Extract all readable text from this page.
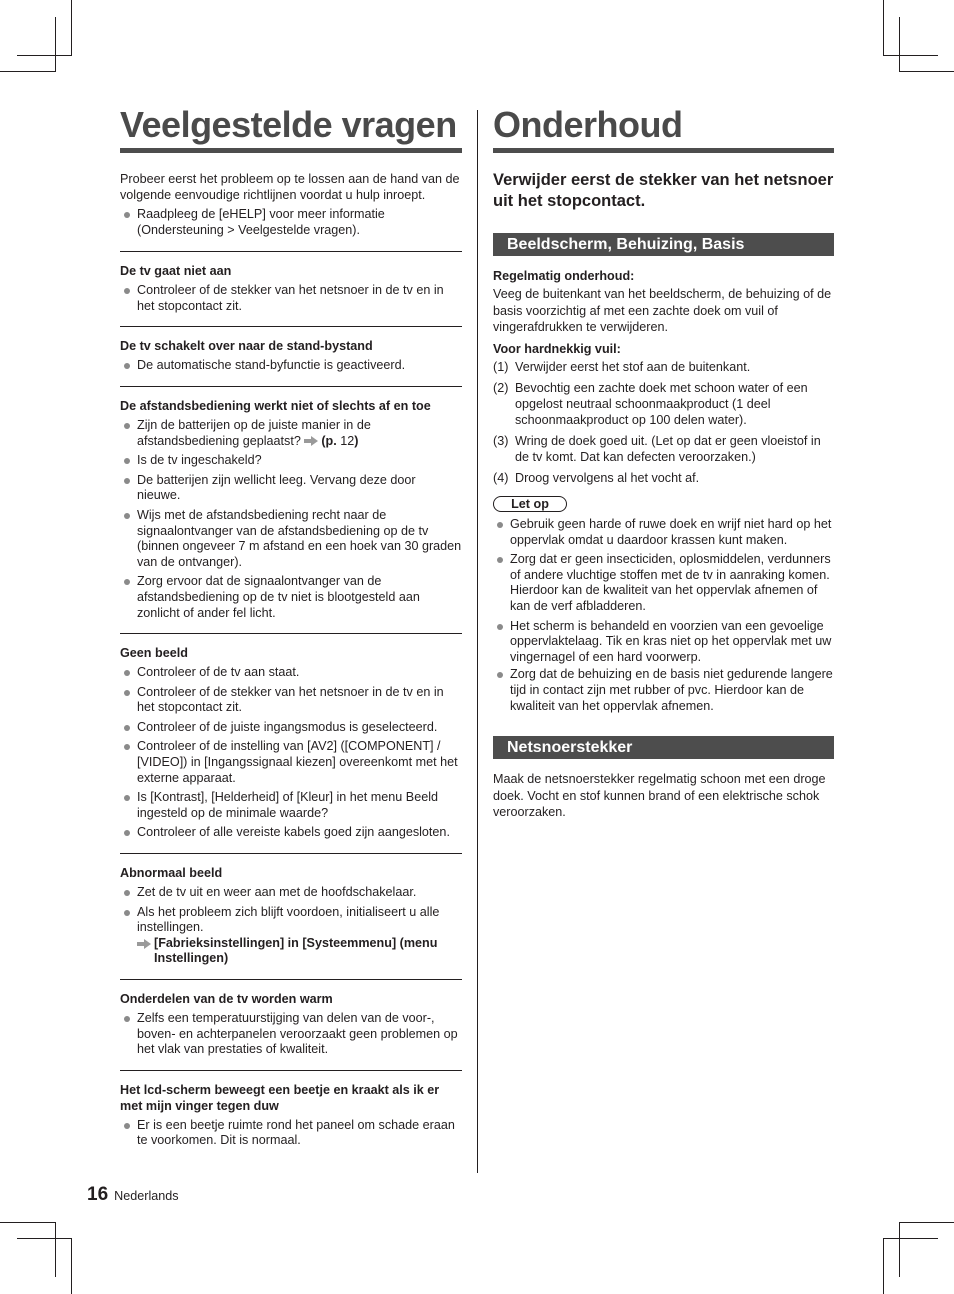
Veelgestelde vragen
Probeer eerst het probleem op te lossen aan de hand van de volgende eenvoudige richtlijnen voordat u hulp inroept.
Raadpleeg de [eHELP] voor meer informatie (Ondersteuning > Veelgestelde vragen).
De tv gaat niet aan
Controleer of de stekker van het netsnoer in de tv en in het stopcontact zit.
De tv schakelt over naar de stand-bystand
De automatische stand-byfunctie is geactiveerd.
De afstandsbediening werkt niet of slechts af en toe
Zijn de batterijen op de juiste manier in de afstandsbediening geplaatst? (p. 12)
Is de tv ingeschakeld?
De batterijen zijn wellicht leeg. Vervang deze door nieuwe.
Wijs met de afstandsbediening recht naar de signaalontvanger van de afstandsbediening op de tv (binnen ongeveer 7 m afstand en een hoek van 30 graden van de ontvanger).
Zorg ervoor dat de signaalontvanger van de afstandsbediening op de tv niet is blootgesteld aan zonlicht of ander fel licht.
Geen beeld
Controleer of de tv aan staat.
Controleer of de stekker van het netsnoer in de tv en in het stopcontact zit.
Controleer of de juiste ingangsmodus is geselecteerd.
Controleer of de instelling van [AV2] ([COMPONENT] / [VIDEO]) in [Ingangssignaal kiezen] overeenkomt met het externe apparaat.
Is [Kontrast], [Helderheid] of [Kleur] in het menu Beeld ingesteld op de minimale waarde?
Controleer of alle vereiste kabels goed zijn aangesloten.
Abnormaal beeld
Zet de tv uit en weer aan met de hoofdschakelaar.
Als het probleem zich blijft voordoen, initialiseert u alle instellingen.
[Fabrieksinstellingen] in [Systeemmenu] (menu Instellingen)
Onderdelen van de tv worden warm
Zelfs een temperatuurstijging van delen van de voor-, boven- en achterpanelen veroorzaakt geen problemen op het vlak van prestaties of kwaliteit.
Het lcd-scherm beweegt een beetje en kraakt als ik er met mijn vinger tegen duw
Er is een beetje ruimte rond het paneel om schade eraan te voorkomen. Dit is normaal.
Onderhoud
Verwijder eerst de stekker van het netsnoer uit het stopcontact.
Beeldscherm, Behuizing, Basis
Regelmatig onderhoud:
Veeg de buitenkant van het beeldscherm, de behuizing of de basis voorzichtig af met een zachte doek om vuil of vingerafdrukken te verwijderen.
Voor hardnekkig vuil:
(1) Verwijder eerst het stof aan de buitenkant.
(2) Bevochtig een zachte doek met schoon water of een opgelost neutraal schoonmaakproduct (1 deel schoonmaakproduct op 100 delen water).
(3) Wring de doek goed uit. (Let op dat er geen vloeistof in de tv komt. Dat kan defecten veroorzaken.)
(4) Droog vervolgens al het vocht af.
Let op
Gebruik geen harde of ruwe doek en wrijf niet hard op het oppervlak omdat u daardoor krassen kunt maken.
Zorg dat er geen insecticiden, oplosmiddelen, verdunners of andere vluchtige stoffen met de tv in aanraking komen. Hierdoor kan de kwaliteit van het oppervlak afnemen of kan de verf afbladderen.
Het scherm is behandeld en voorzien van een gevoelige oppervlaktelaag. Tik en kras niet op het oppervlak met uw vingernagel of een hard voorwerp.
Zorg dat de behuizing en de basis niet gedurende langere tijd in contact zijn met rubber of pvc. Hierdoor kan de kwaliteit van het oppervlak afnemen.
Netsnoerstekker
Maak de netsnoerstekker regelmatig schoon met een droge doek. Vocht en stof kunnen brand of een elektrische schok veroorzaken.
16 Nederlands
